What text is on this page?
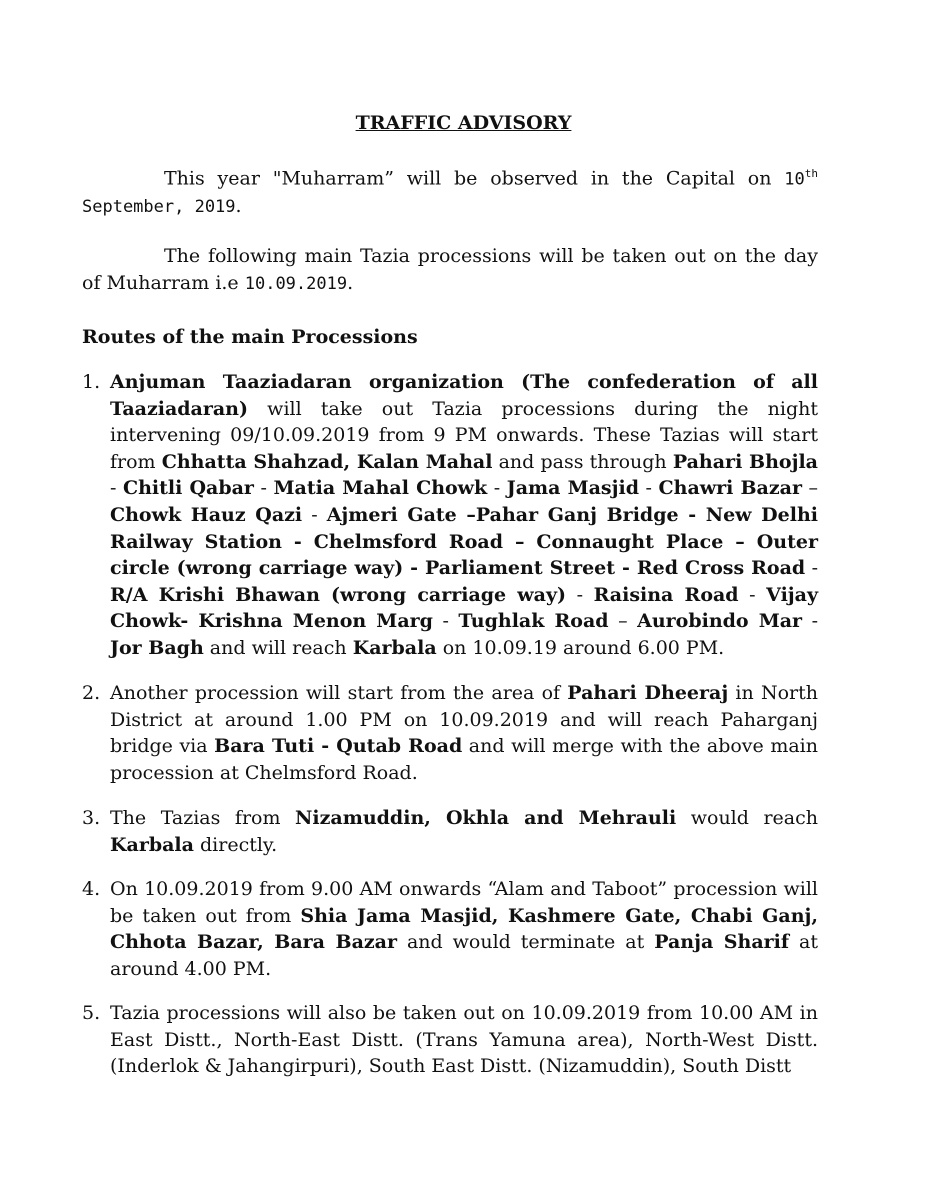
TRAFFIC ADVISORY
This year "Muharram” will be observed in the Capital on 10th September, 2019.
The following main Tazia processions will be taken out on the day of Muharram i.e 10.09.2019.
Routes of the main Processions
1. Anjuman Taaziadaran organization (The confederation of all Taaziadaran) will take out Tazia processions during the night intervening 09/10.09.2019 from 9 PM onwards. These Tazias will start from Chhatta Shahzad, Kalan Mahal and pass through Pahari Bhojla - Chitli Qabar - Matia Mahal Chowk - Jama Masjid - Chawri Bazar – Chowk Hauz Qazi - Ajmeri Gate –Pahar Ganj Bridge - New Delhi Railway Station - Chelmsford Road – Connaught Place – Outer circle (wrong carriage way) - Parliament Street - Red Cross Road - R/A Krishi Bhawan (wrong carriage way) - Raisina Road - Vijay Chowk- Krishna Menon Marg - Tughlak Road – Aurobindo Mar - Jor Bagh and will reach Karbala on 10.09.19 around 6.00 PM.
2. Another procession will start from the area of Pahari Dheeraj in North District at around 1.00 PM on 10.09.2019 and will reach Paharganj bridge via Bara Tuti - Qutab Road and will merge with the above main procession at Chelmsford Road.
3. The Tazias from Nizamuddin, Okhla and Mehrauli would reach Karbala directly.
4. On 10.09.2019 from 9.00 AM onwards “Alam and Taboot” procession will be taken out from Shia Jama Masjid, Kashmere Gate, Chabi Ganj, Chhota Bazar, Bara Bazar and would terminate at Panja Sharif at around 4.00 PM.
5. Tazia processions will also be taken out on 10.09.2019 from 10.00 AM in East Distt., North-East Distt. (Trans Yamuna area), North-West Distt. (Inderlok & Jahangirpuri), South East Distt. (Nizamuddin), South Distt
